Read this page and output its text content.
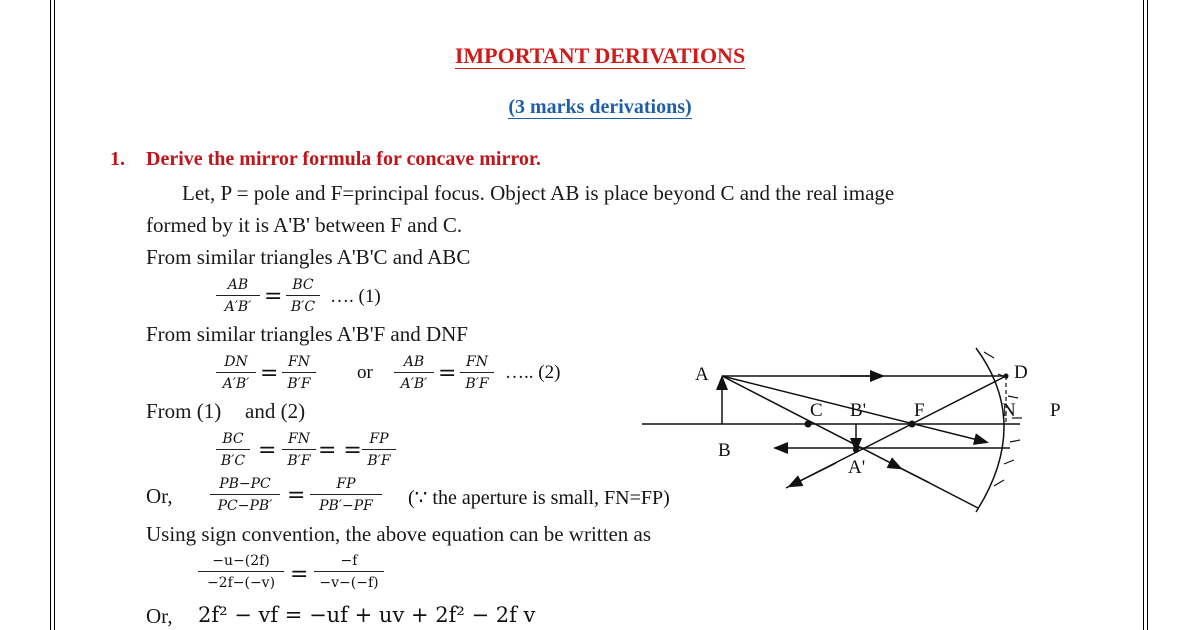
IMPORTANT DERIVATIONS
(3 marks derivations)
1. Derive the mirror formula for concave mirror.
Let, P = pole and F=principal focus. Object AB is place beyond C and the real image
formed by it is A'B' between F and C.
From similar triangles A'B'C and ABC
AB
A′B′ = BC
B′C …. (1)
From similar triangles A'B'F and DNF
DN
A′B′ = FN
B′F
or	AB
A′B′ = FN
B′F
….. (2)
From (1) and (2)
BC
B′C = FN
B′F = = FP
B′F
Or,	PB−PC
PC−PB′ =	FP
PB′−PF	(∵ the aperture is small, FN=FP)
Using sign convention, the above equation can be written as
−u−(2f)
−2f−(−v) =
−f
−v−(−f)
Or, 2f² − vf = −uf + uv + 2f² − 2f v
A
B
C B'	F
D
N P
A'
